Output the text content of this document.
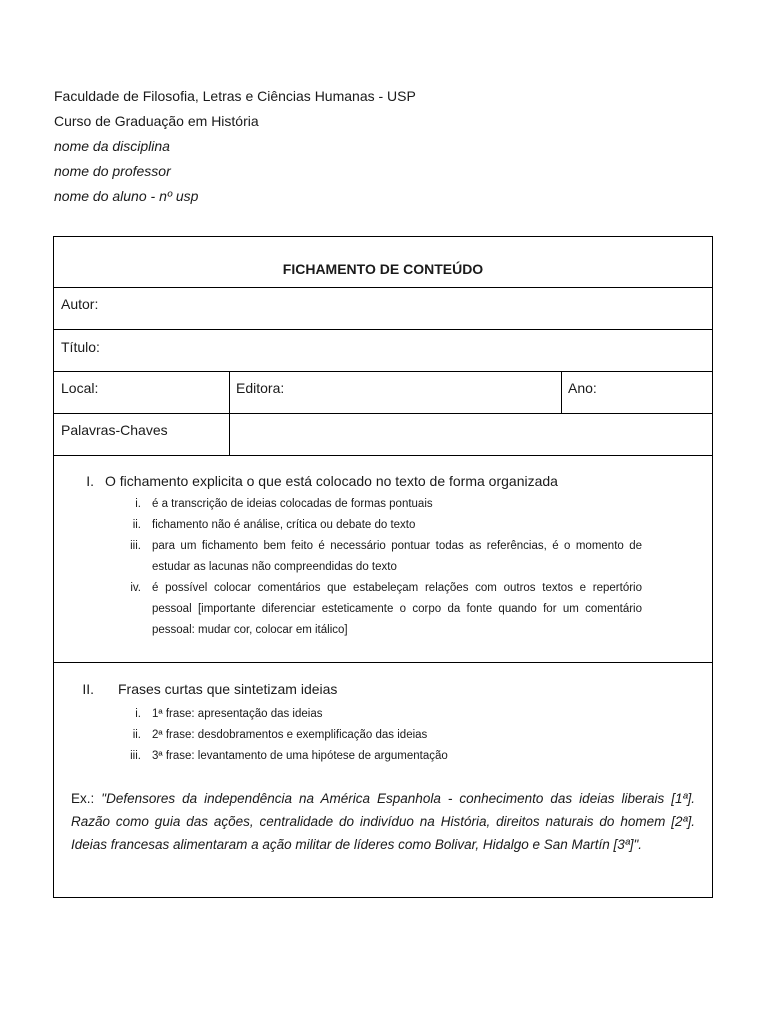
Faculdade de Filosofia, Letras e Ciências Humanas - USP
Curso de Graduação em História
nome da disciplina
nome do professor
nome do aluno - nº usp
FICHAMENTO DE CONTEÚDO
Autor:
Título:
Local:	Editora:	Ano:
Palavras-Chaves
I. O fichamento explicita o que está colocado no texto de forma organizada
i. é a transcrição de ideias colocadas de formas pontuais
ii. fichamento não é análise, crítica ou debate do texto
iii. para um fichamento bem feito é necessário pontuar todas as referências, é o momento de estudar as lacunas não compreendidas do texto
iv. é possível colocar comentários que estabeleçam relações com outros textos e repertório pessoal [importante diferenciar esteticamente o corpo da fonte quando for um comentário pessoal: mudar cor, colocar em itálico]
II. Frases curtas que sintetizam ideias
i. 1ª frase: apresentação das ideias
ii. 2ª frase: desdobramentos e exemplificação das ideias
iii. 3ª frase: levantamento de uma hipótese de argumentação
Ex.: "Defensores da independência na América Espanhola - conhecimento das ideias liberais [1ª]. Razão como guia das ações, centralidade do indivíduo na História, direitos naturais do homem [2ª]. Ideias francesas alimentaram a ação militar de líderes como Bolivar, Hidalgo e San Martín [3ª]".
